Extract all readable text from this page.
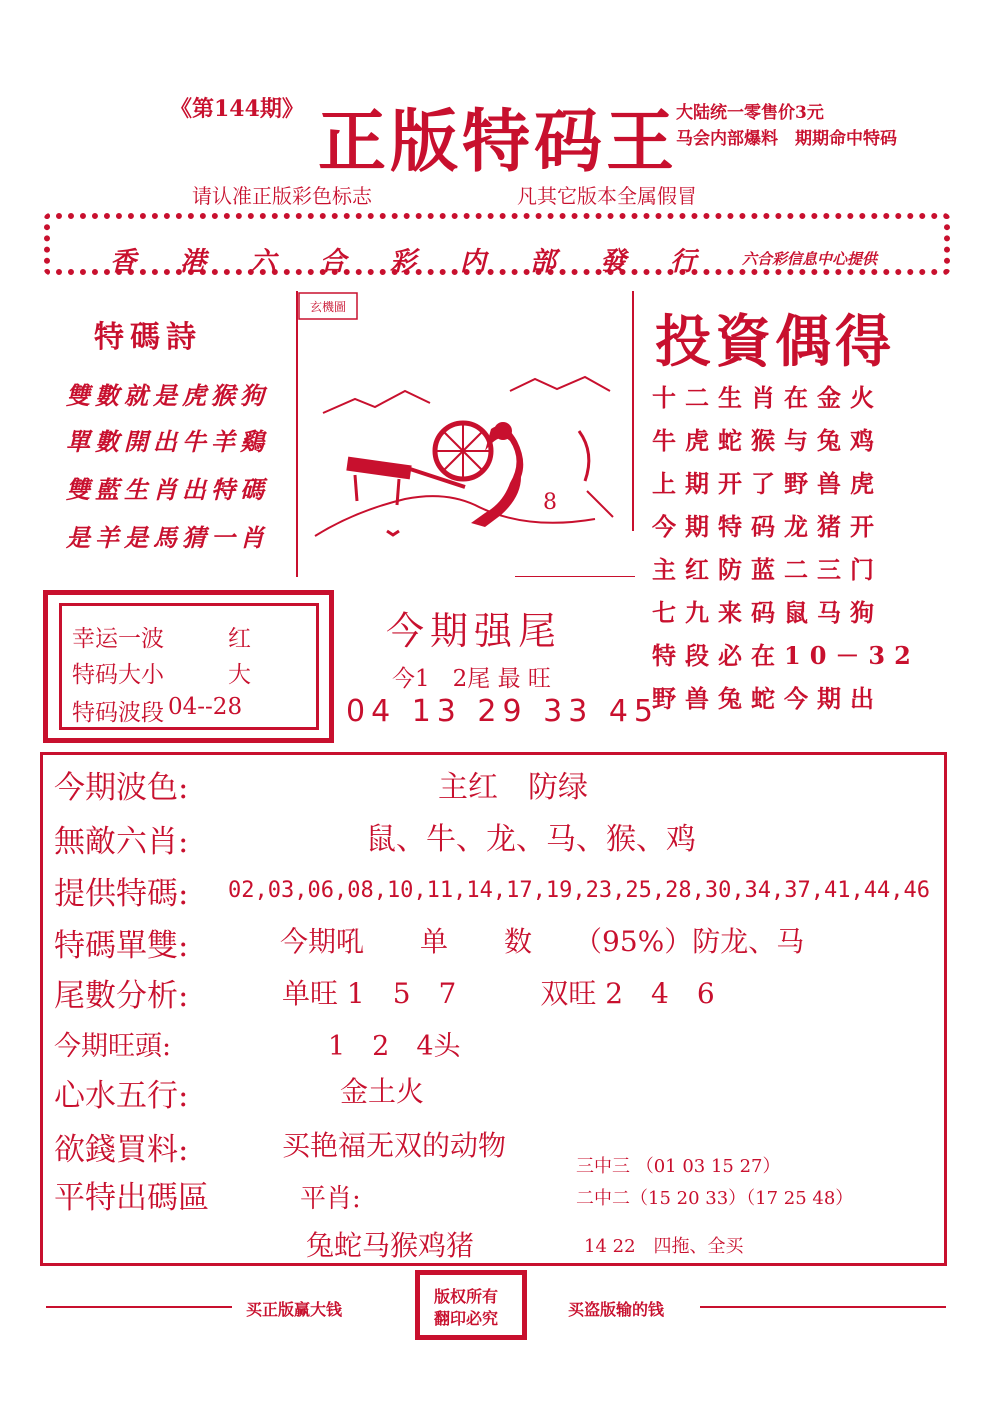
《第144期》 正版特码王
大陆统一零售价3元
马会内部爆料　期期命中特码
请认准正版彩色标志	凡其它版本全属假冒
香港六合彩内部發行 六合彩信息中心提供
特碼詩
雙數就是虎猴狗
單數開出牛羊鷄
雙藍生肖出特碼
是羊是馬猜一肖
玄機圖
8
投資偶得
十二生肖在金火
牛虎蛇猴与兔鸡
上期开了野兽虎
今期特码龙猪开
主红防蓝二三门
七九来码鼠马狗
特段必在10－32
野兽兔蛇今期出
幸运一波	红
特码大小	大
特码波段 04--28
今期强尾
今1　2尾 最 旺
04 13 29 33 45
今期波色:	主红　防绿
無敵六肖:	鼠、牛、龙、马、猴、鸡
提供特碼: 02,03,06,08,10,11,14,17,19,23,25,28,30,34,37,41,44,46
特碼單雙:	今期吼　　单　　数　　（95%）防龙、马
尾數分析:	单旺 1　5　7　　　双旺 2　4　6
今期旺頭:	1　2　4头
心水五行:	金土火
欲錢買料:	买艳福无双的动物
平特出碼區	平肖:
兔蛇马猴鸡猪
三中三 （01 03 15 27）
二中二（15 20 33）（17 25 48）
14 22　四拖、全买
买正版赢大钱
版权所有
翻印必究	买盗版输的钱
